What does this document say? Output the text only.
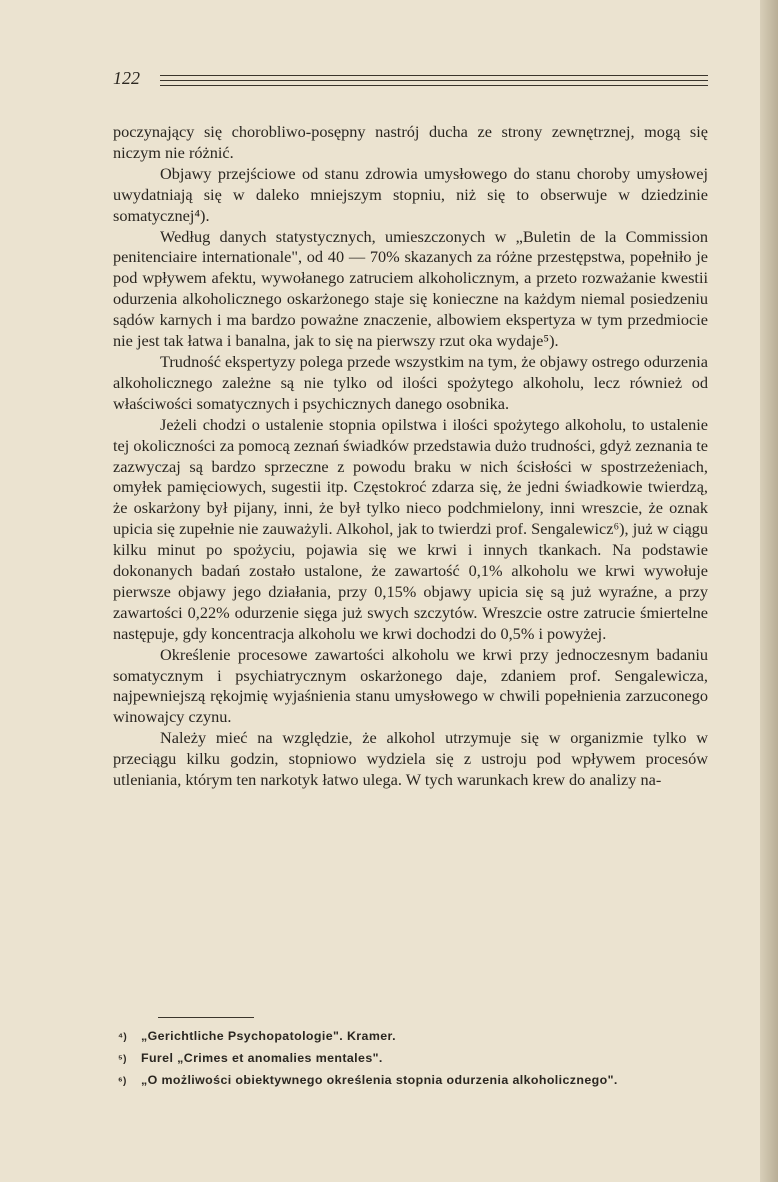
122

poczynający się chorobliwo-posępny nastrój ducha ze strony zewnętrznej, mogą się niczym nie różnić.

Objawy przejściowe od stanu zdrowia umysłowego do stanu choroby umysłowej uwydatniają się w daleko mniejszym stopniu, niż się to obserwuje w dziedzinie somatycznej⁴).

Według danych statystycznych, umieszczonych w „Buletin de la Commission penitenciaire internationale", od 40 — 70% skazanych za różne przestępstwa, popełniło je pod wpływem afektu, wywołanego zatruciem alkoholicznym, a przeto rozważanie kwestii odurzenia alkoholicznego oskarżonego staje się konieczne na każdym niemal posiedzeniu sądów karnych i ma bardzo poważne znaczenie, albowiem ekspertyza w tym przedmiocie nie jest tak łatwa i banalna, jak to się na pierwszy rzut oka wydaje⁵).

Trudność ekspertyzy polega przede wszystkim na tym, że objawy ostrego odurzenia alkoholicznego zależne są nie tylko od ilości spożytego alkoholu, lecz również od właściwości somatycznych i psychicznych danego osobnika.

Jeżeli chodzi o ustalenie stopnia opilstwa i ilości spożytego alkoholu, to ustalenie tej okoliczności za pomocą zeznań świadków przedstawia dużo trudności, gdyż zeznania te zazwyczaj są bardzo sprzeczne z powodu braku w nich ścisłości w spostrzeżeniach, omyłek pamięciowych, sugestii itp. Częstokroć zdarza się, że jedni świadkowie twierdzą, że oskarżony był pijany, inni, że był tylko nieco podchmielony, inni wreszcie, że oznak upicia się zupełnie nie zauważyli. Alkohol, jak to twierdzi prof. Sengalewicz⁶), już w ciągu kilku minut po spożyciu, pojawia się we krwi i innych tkankach. Na podstawie dokonanych badań zostało ustalone, że zawartość 0,1% alkoholu we krwi wywołuje pierwsze objawy jego działania, przy 0,15% objawy upicia się są już wyraźne, a przy zawartości 0,22% odurzenie sięga już swych szczytów. Wreszcie ostre zatrucie śmiertelne następuje, gdy koncentracja alkoholu we krwi dochodzi do 0,5% i powyżej.

Określenie procesowe zawartości alkoholu we krwi przy jednoczesnym badaniu somatycznym i psychiatrycznym oskarżonego daje, zdaniem prof. Sengalewicza, najpewniejszą rękojmię wyjaśnienia stanu umysłowego w chwili popełnienia zarzuconego winowajcy czynu.

Należy mieć na względzie, że alkohol utrzymuje się w organizmie tylko w przeciągu kilku godzin, stopniowo wydziela się z ustroju pod wpływem procesów utleniania, którym ten narkotyk łatwo ulega. W tych warunkach krew do analizy na-

⁴) „Gerichtliche Psychopatologie". Kramer.

⁵) Furel „Crimes et anomalies mentales".

⁶) „O możliwości obiektywnego określenia stopnia odurzenia alkoholicznego".
